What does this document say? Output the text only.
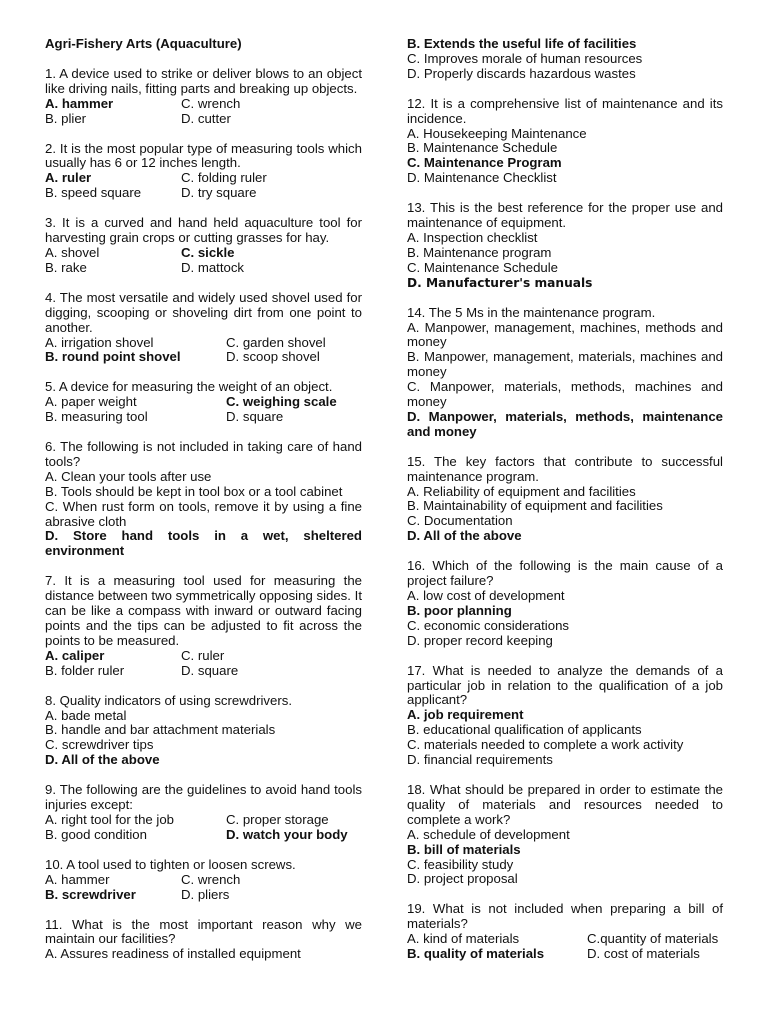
Agri-Fishery Arts (Aquaculture)
1. A device used to strike or deliver blows to an object like driving nails, fitting parts and breaking up objects.
A. hammer	C. wrench
B. plier	D. cutter
2. It is the most popular type of measuring tools which usually has 6 or 12 inches length.
A. ruler	C. folding ruler
B. speed square	D. try square
3. It is a curved and hand held aquaculture tool for harvesting grain crops or cutting grasses for hay.
A. shovel	C. sickle
B. rake	D. mattock
4. The most versatile and widely used shovel used for digging, scooping or shoveling dirt from one point to another.
A. irrigation shovel	C. garden shovel
B. round point shovel	D. scoop shovel
5. A device for measuring the weight of an object.
A. paper weight	C. weighing scale
B. measuring tool	D. square
6. The following is not included in taking care of hand tools?
A. Clean your tools after use
B. Tools should be kept in tool box or a tool cabinet
C. When rust form on tools, remove it by using a fine abrasive cloth
D. Store hand tools in a wet, sheltered environment
7. It is a measuring tool used for measuring the distance between two symmetrically opposing sides. It can be like a compass with inward or outward facing points and the tips can be adjusted to fit across the points to be measured.
A. caliper	C. ruler
B. folder ruler	D. square
8. Quality indicators of using screwdrivers.
A. bade metal
B. handle and bar attachment materials
C. screwdriver tips
D. All of the above
9. The following are the guidelines to avoid hand tools injuries except:
A. right tool for the job	C. proper storage
B. good condition	D. watch your body
10. A tool used to tighten or loosen screws.
A. hammer	C. wrench
B. screwdriver	D. pliers
11. What is the most important reason why we maintain our facilities?
A. Assures readiness of installed equipment
B. Extends the useful life of facilities
C. Improves morale of human resources
D. Properly discards hazardous wastes
12. It is a comprehensive list of maintenance and its incidence.
A. Housekeeping Maintenance
B. Maintenance Schedule
C. Maintenance Program
D. Maintenance Checklist
13. This is the best reference for the proper use and maintenance of equipment.
A. Inspection checklist
B. Maintenance program
C. Maintenance Schedule
D. Manufacturer's manuals
14. The 5 Ms in the maintenance program.
A. Manpower, management, machines, methods and money
B. Manpower, management, materials, machines and money
C. Manpower, materials, methods, machines and money
D. Manpower, materials, methods, maintenance and money
15. The key factors that contribute to successful maintenance program.
A. Reliability of equipment and facilities
B. Maintainability of equipment and facilities
C. Documentation
D. All of the above
16. Which of the following is the main cause of a project failure?
A. low cost of development
B. poor planning
C. economic considerations
D. proper record keeping
17. What is needed to analyze the demands of a particular job in relation to the qualification of a job applicant?
A. job requirement
B. educational qualification of applicants
C. materials needed to complete a work activity
D. financial requirements
18. What should be prepared in order to estimate the quality of materials and resources needed to complete a work?
A. schedule of development
B. bill of materials
C. feasibility study
D. project proposal
19. What is not included when preparing a bill of materials?
A. kind of materials	C.quantity of materials
B. quality of materials	D. cost of materials
